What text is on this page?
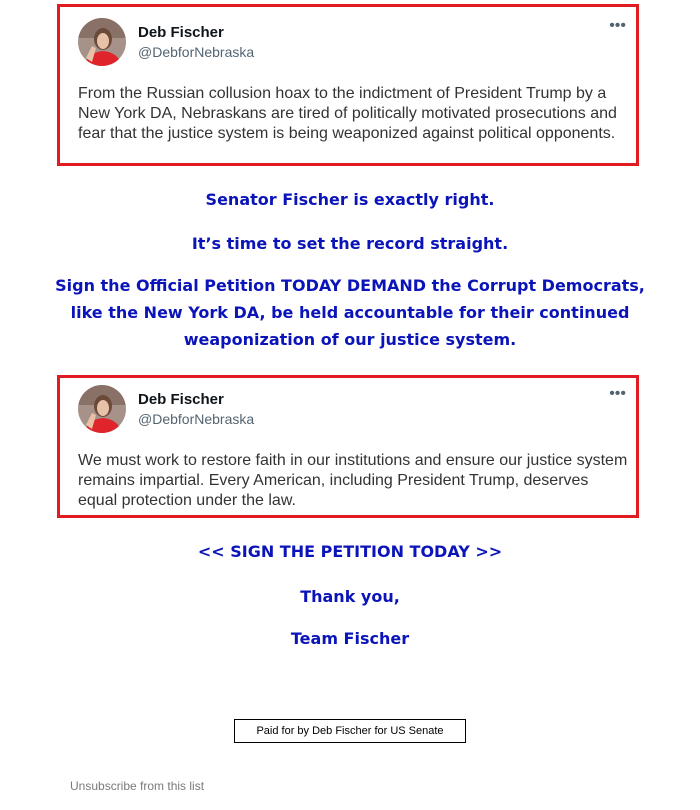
Deb Fischer
@DebforNebraska
•••
From the Russian collusion hoax to the indictment of President Trump by a New York DA, Nebraskans are tired of politically motivated prosecutions and fear that the justice system is being weaponized against political opponents.
Senator Fischer is exactly right.
It’s time to set the record straight.
Sign the Official Petition TODAY DEMAND the Corrupt Democrats, like the New York DA, be held accountable for their continued weaponization of our justice system.
Deb Fischer
@DebforNebraska
•••
We must work to restore faith in our institutions and ensure our justice system remains impartial. Every American, including President Trump, deserves equal protection under the law.
<< SIGN THE PETITION TODAY >>
Thank you,
Team Fischer
Paid for by Deb Fischer for US Senate
Unsubscribe from this list
